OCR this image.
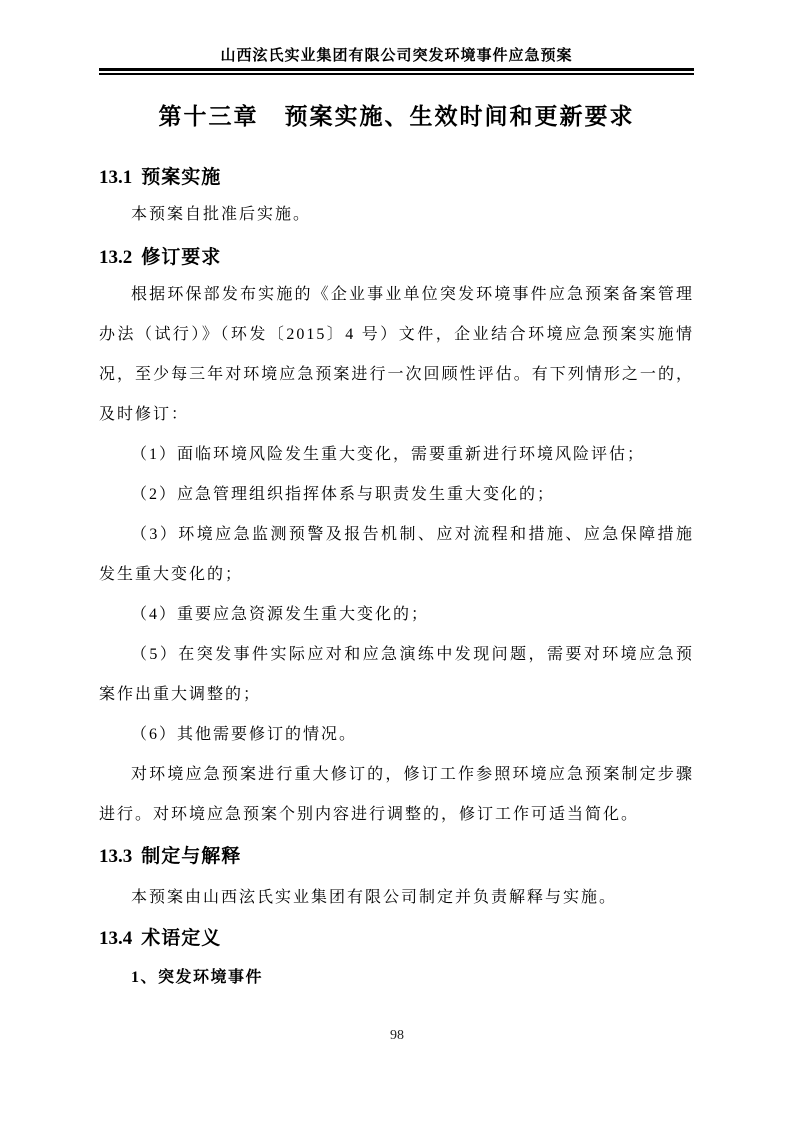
山西泫氏实业集团有限公司突发环境事件应急预案
第十三章 预案实施、生效时间和更新要求
13.1 预案实施

本预案自批准后实施。

13.2 修订要求

根据环保部发布实施的《企业事业单位突发环境事件应急预案备案管理办法（试行）》（环发〔2015〕4 号）文件，企业结合环境应急预案实施情况，至少每三年对环境应急预案进行一次回顾性评估。有下列情形之一的，及时修订：

（1）面临环境风险发生重大变化，需要重新进行环境风险评估；

（2）应急管理组织指挥体系与职责发生重大变化的；

（3）环境应急监测预警及报告机制、应对流程和措施、应急保障措施发生重大变化的；

（4）重要应急资源发生重大变化的；

（5）在突发事件实际应对和应急演练中发现问题，需要对环境应急预案作出重大调整的；

（6）其他需要修订的情况。

对环境应急预案进行重大修订的，修订工作参照环境应急预案制定步骤进行。对环境应急预案个别内容进行调整的，修订工作可适当简化。

13.3 制定与解释

本预案由山西泫氏实业集团有限公司制定并负责解释与实施。

13.4 术语定义

1、突发环境事件

98
